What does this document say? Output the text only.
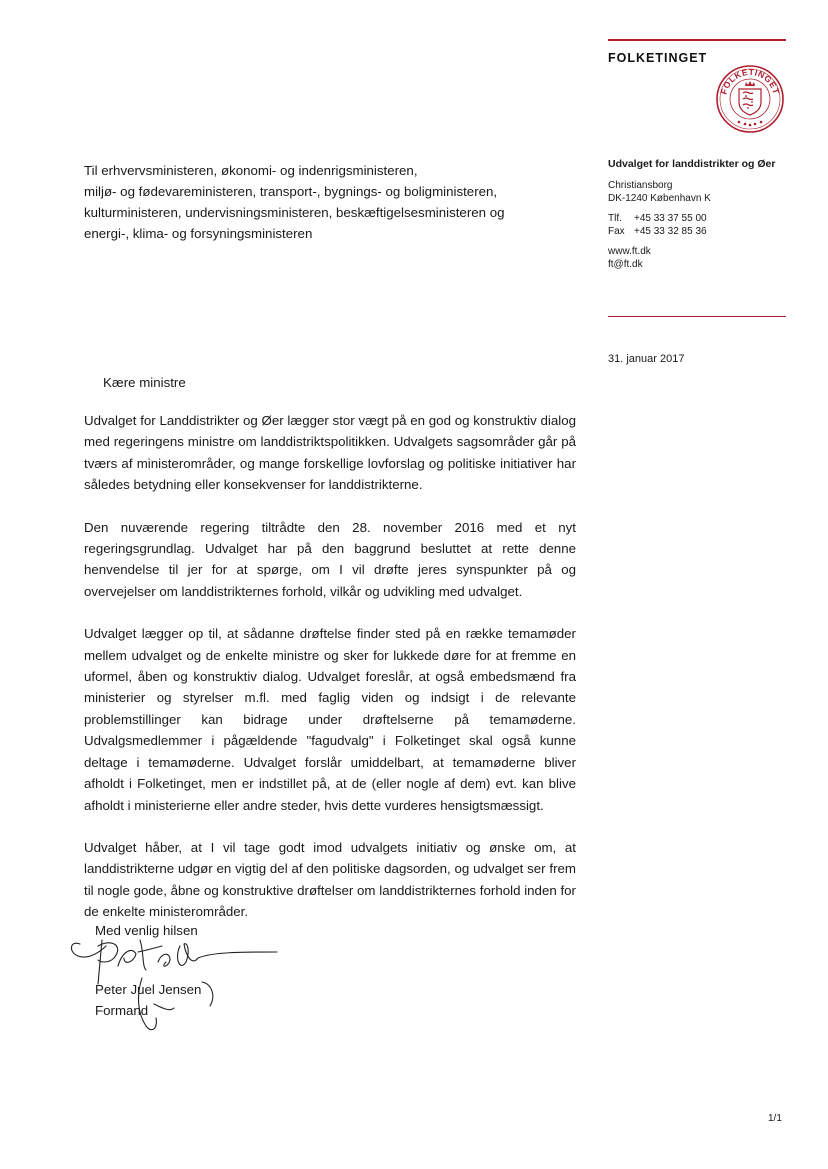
FOLKETINGET
FOLKETINGET
Udvalget for landdistrikter og Øer
Christiansborg
DK-1240 København K
Tlf.	+45 33 37 55 00
Fax +45 33 32 85 36
www.ft.dk
ft@ft.dk
31. januar 2017
Til erhvervsministeren, økonomi- og indenrigsministeren,
miljø- og fødevareministeren, transport-, bygnings- og boligministeren,
kulturministeren, undervisningsministeren, beskæftigelsesministeren og
energi-, klima- og forsyningsministeren
Kære ministre

Udvalget for Landdistrikter og Øer lægger stor vægt på en god og konstruktiv dialog med regeringens ministre om landdistriktspolitikken. Udvalgets sagsområder går på tværs af ministerområder, og mange forskellige lovforslag og politiske initiativer har således betydning eller konsekvenser for landdistrikterne.

Den nuværende regering tiltrådte den 28. november 2016 med et nyt regeringsgrundlag. Udvalget har på den baggrund besluttet at rette denne henvendelse til jer for at spørge, om I vil drøfte jeres synspunkter på og overvejelser om landdistrikternes forhold, vilkår og udvikling med udvalget.

Udvalget lægger op til, at sådanne drøftelse finder sted på en række temamøder mellem udvalget og de enkelte ministre og sker for lukkede døre for at fremme en uformel, åben og konstruktiv dialog. Udvalget foreslår, at også embedsmænd fra ministerier og styrelser m.fl. med faglig viden og indsigt i de relevante problemstillinger kan bidrage under drøftelserne på temamøderne. Udvalgsmedlemmer i pågældende "fagudvalg" i Folketinget skal også kunne deltage i temamøderne. Udvalget forslår umiddelbart, at temamøderne bliver afholdt i Folketinget, men er indstillet på, at de (eller nogle af dem) evt. kan blive afholdt i ministerierne eller andre steder, hvis dette vurderes hensigtsmæssigt.

Udvalget håber, at I vil tage godt imod udvalgets initiativ og ønske om, at landdistrikterne udgør en vigtig del af den politiske dagsorden, og udvalget ser frem til nogle gode, åbne og konstruktive drøftelser om landdistrikternes forhold inden for de enkelte ministerområder.

Med venlig hilsen
Peter Juel Jensen
Formand
1/1
